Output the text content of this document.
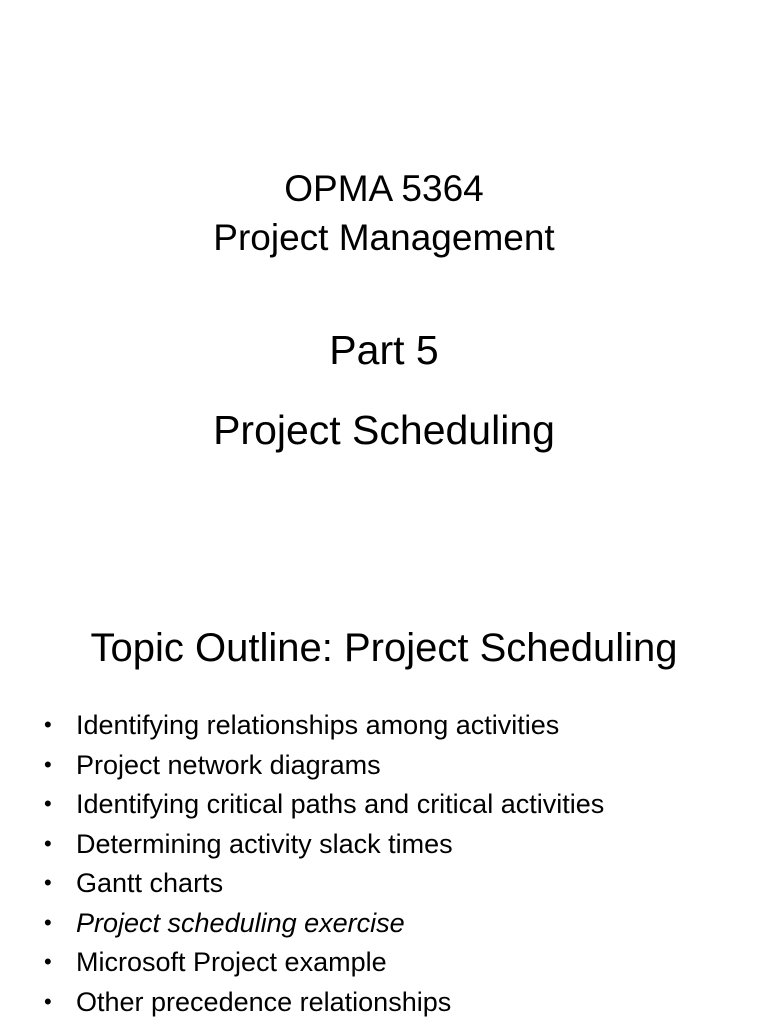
OPMA 5364
Project Management
Part 5
Project Scheduling
Topic Outline: Project Scheduling
• Identifying relationships among activities
• Project network diagrams
• Identifying critical paths and critical activities
• Determining activity slack times
• Gantt charts
• Project scheduling exercise
• Microsoft Project example
• Other precedence relationships
